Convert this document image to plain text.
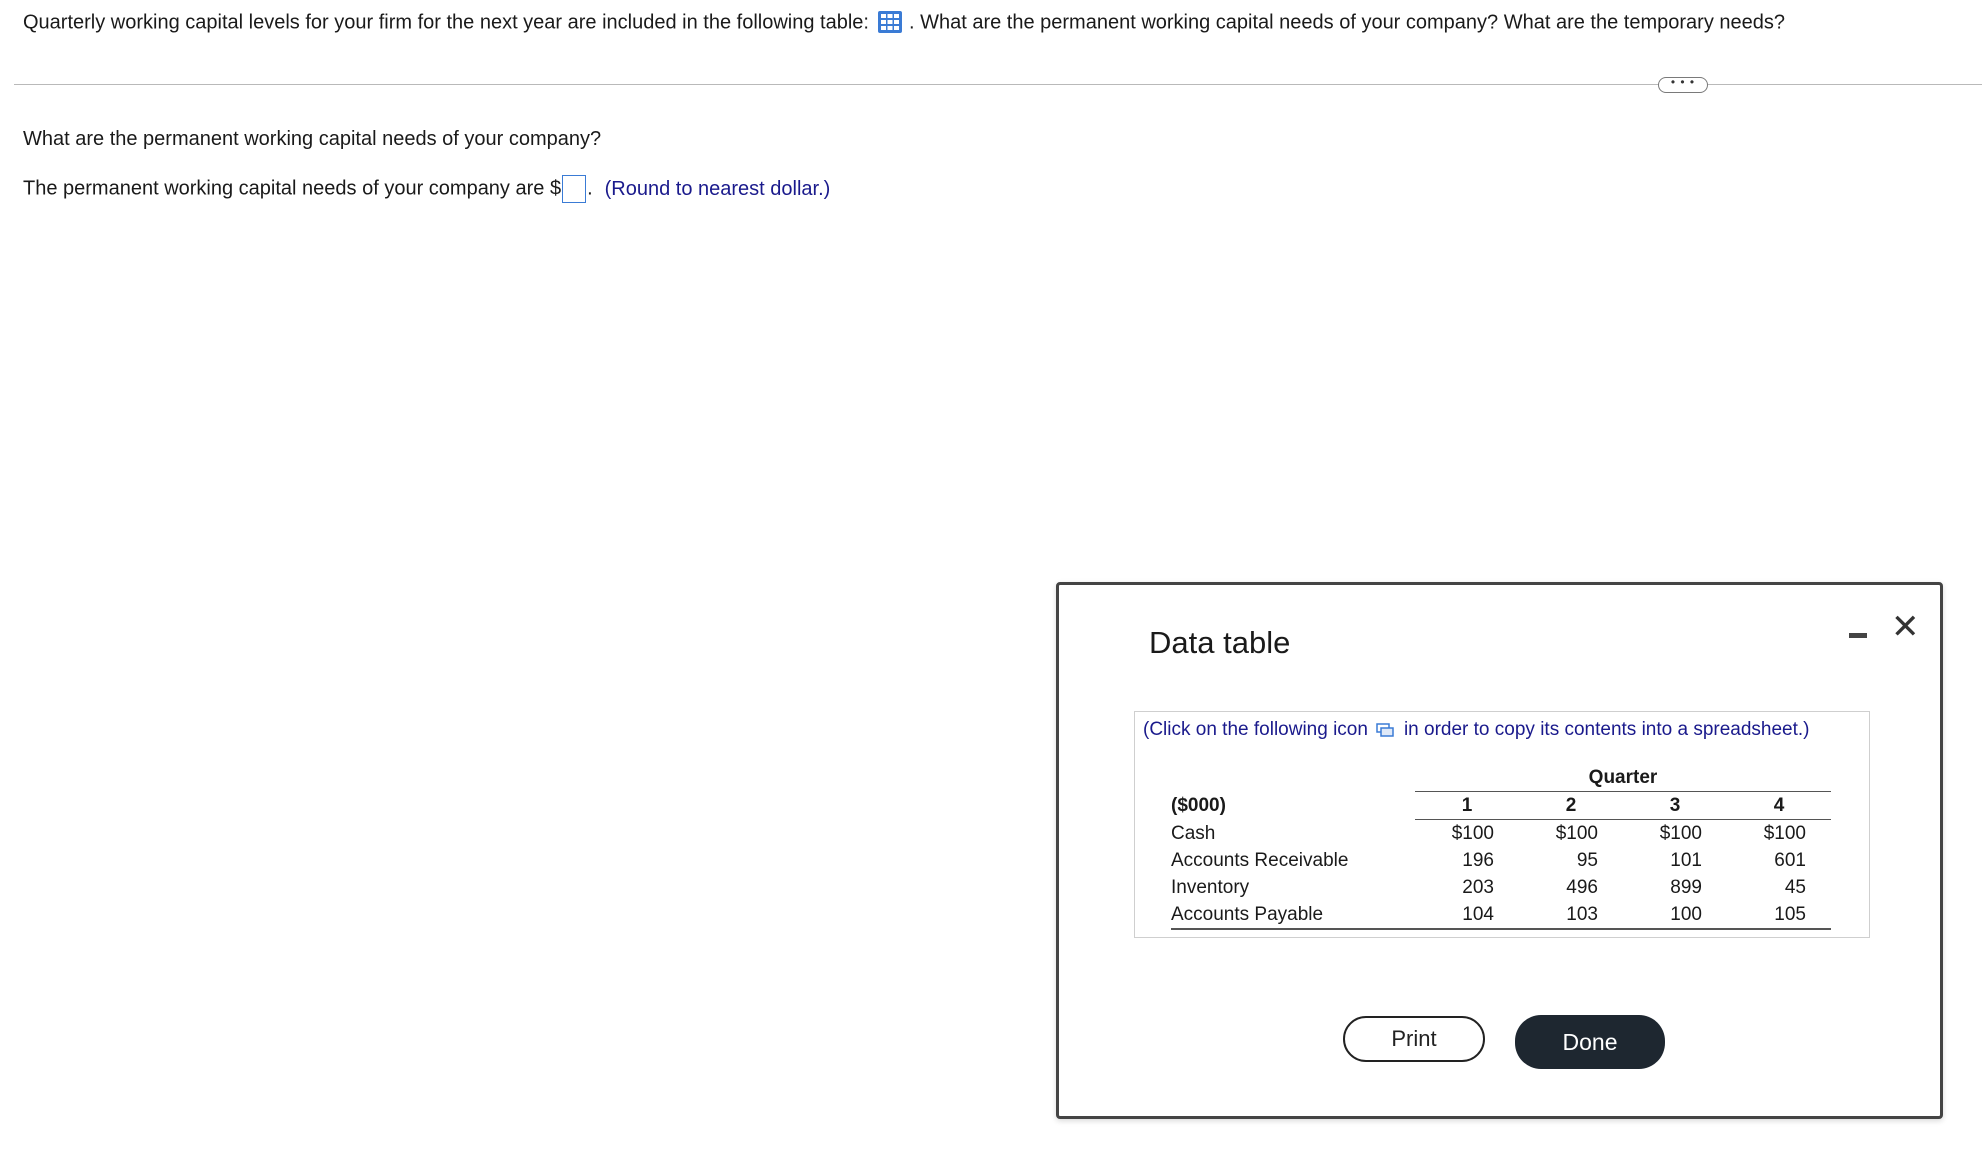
Quarterly working capital levels for your firm for the next year are included in the following table: . What are the permanent working capital needs of your company? What are the temporary needs?
• • •
What are the permanent working capital needs of your company?
The permanent working capital needs of your company are $ . (Round to nearest dollar.)
Data table	✕
(Click on the following icon in order to copy its contents into a spreadsheet.)
	Quarter			
($000)	1	2	3	4
Cash	$100	$100	$100	$100
Accounts Receivable	196	95	101	601
Inventory	203	496	899	45
Accounts Payable	104	103	100	105
Print	Done
